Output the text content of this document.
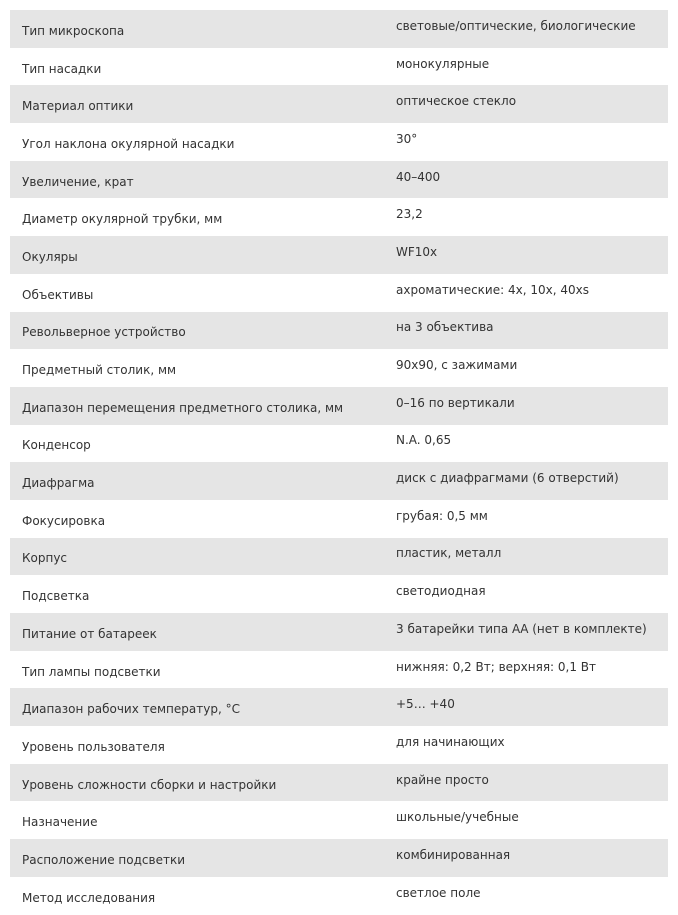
Тип микроскопа	световые/оптические, биологические
Тип насадки	монокулярные
Материал оптики	оптическое стекло
Угол наклона окулярной насадки	30°
Увеличение, крат	40–400
Диаметр окулярной трубки, мм	23,2
Окуляры	WF10x
Объективы	ахроматические: 4x, 10x, 40xs
Револьверное устройство	на 3 объектива
Предметный столик, мм	90x90, с зажимами
Диапазон перемещения предметного столика, мм	0–16 по вертикали
Конденсор	N.A. 0,65
Диафрагма	диск с диафрагмами (6 отверстий)
Фокусировка	грубая: 0,5 мм
Корпус	пластик, металл
Подсветка	светодиодная
Питание от батареек	3 батарейки типа АА (нет в комплекте)
Тип лампы подсветки	нижняя: 0,2 Вт; верхняя: 0,1 Вт
Диапазон рабочих температур, °С	+5… +40
Уровень пользователя	для начинающих
Уровень сложности сборки и настройки	крайне просто
Назначение	школьные/учебные
Расположение подсветки	комбинированная
Метод исследования	светлое поле
